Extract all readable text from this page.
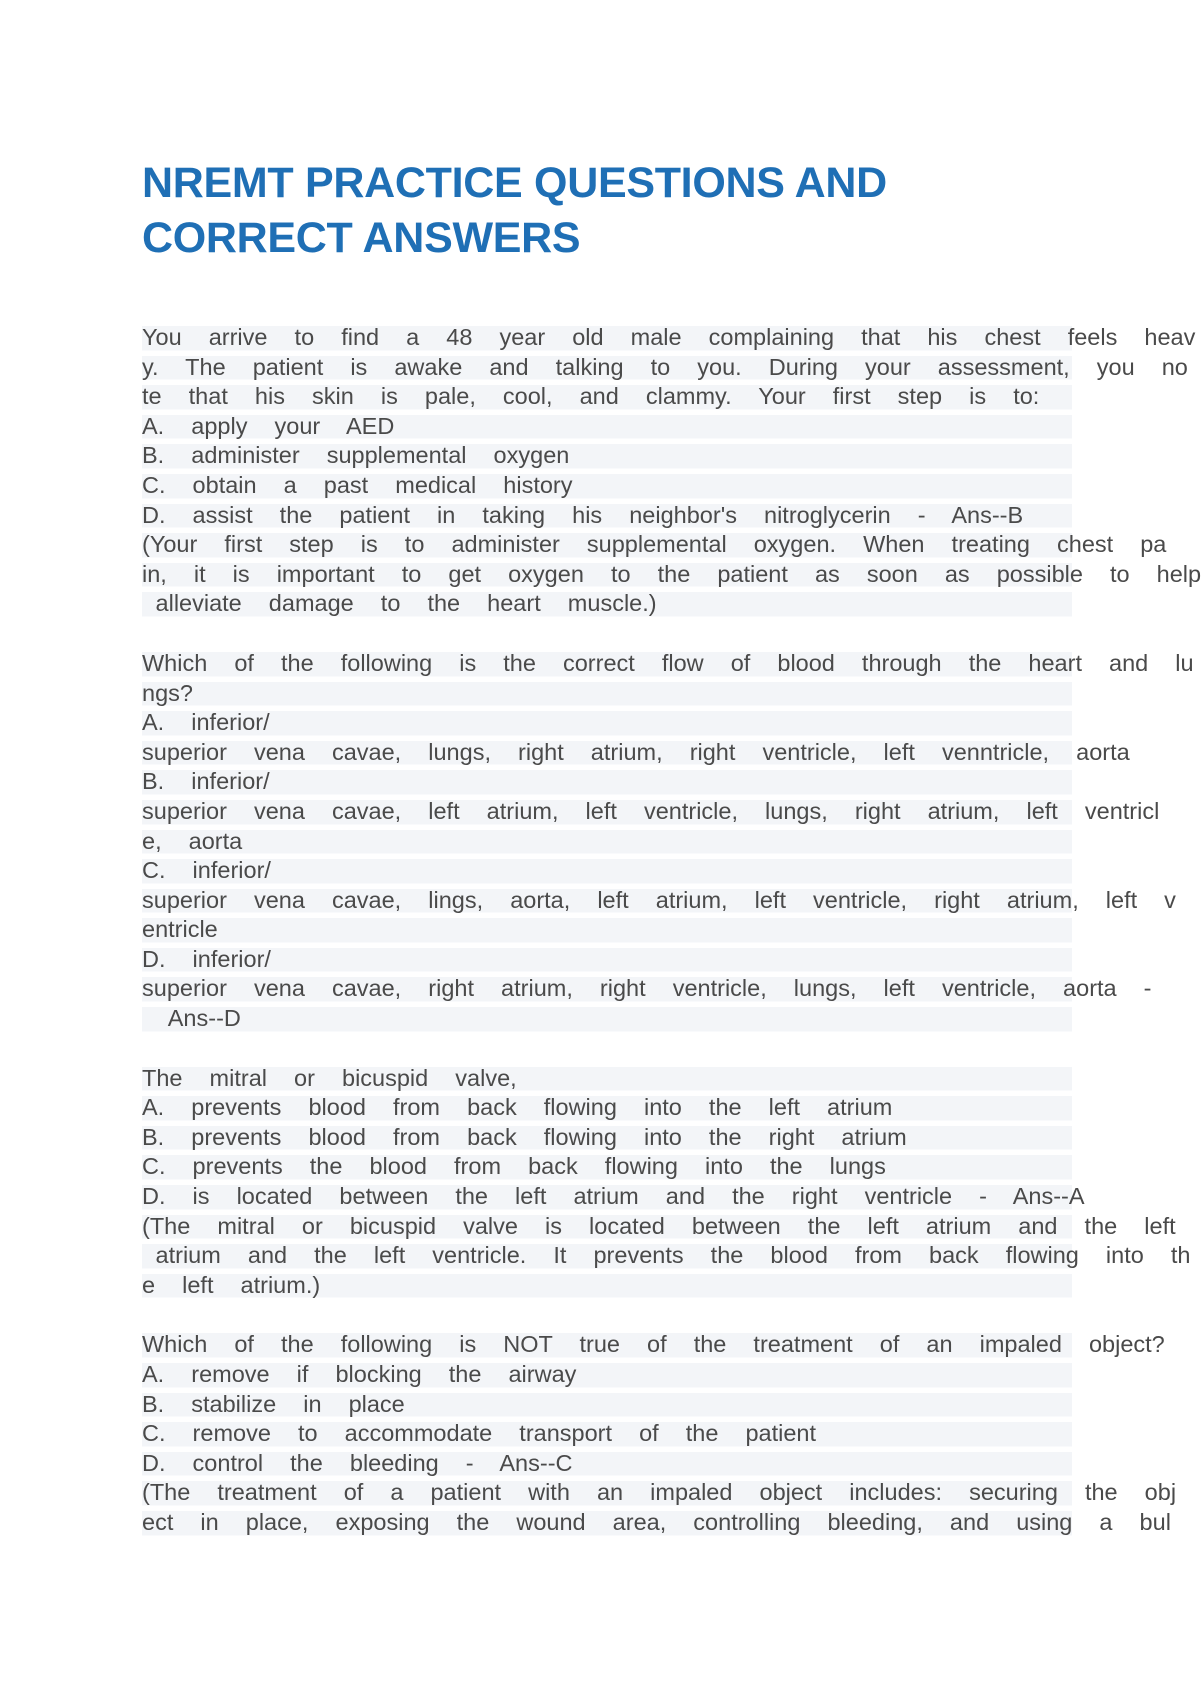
NREMT PRACTICE QUESTIONS AND
CORRECT ANSWERS
You  arrive  to  find  a  48  year  old  male  complaining  that  his  chest  feels  heav
y.  The  patient  is  awake  and  talking  to  you.  During  your  assessment,  you  no
te  that  his  skin  is  pale,  cool,  and  clammy.  Your  first  step  is  to:
A.  apply  your  AED
B.  administer  supplemental  oxygen
C.  obtain  a  past  medical  history
D.  assist  the  patient  in  taking  his  neighbor's  nitroglycerin  -  Ans--B
(Your  first  step  is  to  administer  supplemental  oxygen.  When  treating  chest  pa
in,  it  is  important  to  get  oxygen  to  the  patient  as  soon  as  possible  to  help
alleviate  damage  to  the  heart  muscle.)
Which  of  the  following  is  the  correct  flow  of  blood  through  the  heart  and  lu
ngs?
A.  inferior/
superior  vena  cavae,  lungs,  right  atrium,  right  ventricle,  left  venntricle,  aorta
B.  inferior/
superior  vena  cavae,  left  atrium,  left  ventricle,  lungs,  right  atrium,  left  ventricl
e,  aorta
C.  inferior/
superior  vena  cavae,  lings,  aorta,  left  atrium,  left  ventricle,  right  atrium,  left  v
entricle
D.  inferior/
superior  vena  cavae,  right  atrium,  right  ventricle,  lungs,  left  ventricle,  aorta  -
Ans--D
The  mitral  or  bicuspid  valve,
A.  prevents  blood  from  back  flowing  into  the  left  atrium
B.  prevents  blood  from  back  flowing  into  the  right  atrium
C.  prevents  the  blood  from  back  flowing  into  the  lungs
D.  is  located  between  the  left  atrium  and  the  right  ventricle  -  Ans--A
(The  mitral  or  bicuspid  valve  is  located  between  the  left  atrium  and  the  left
atrium  and  the  left  ventricle.  It  prevents  the  blood  from  back  flowing  into  th
e  left  atrium.)
Which  of  the  following  is  NOT  true  of  the  treatment  of  an  impaled  object?
A.  remove  if  blocking  the  airway
B.  stabilize  in  place
C.  remove  to  accommodate  transport  of  the  patient
D.  control  the  bleeding  -  Ans--C
(The  treatment  of  a  patient  with  an  impaled  object  includes:  securing  the  obj
ect  in  place,  exposing  the  wound  area,  controlling  bleeding,  and  using  a  bul
